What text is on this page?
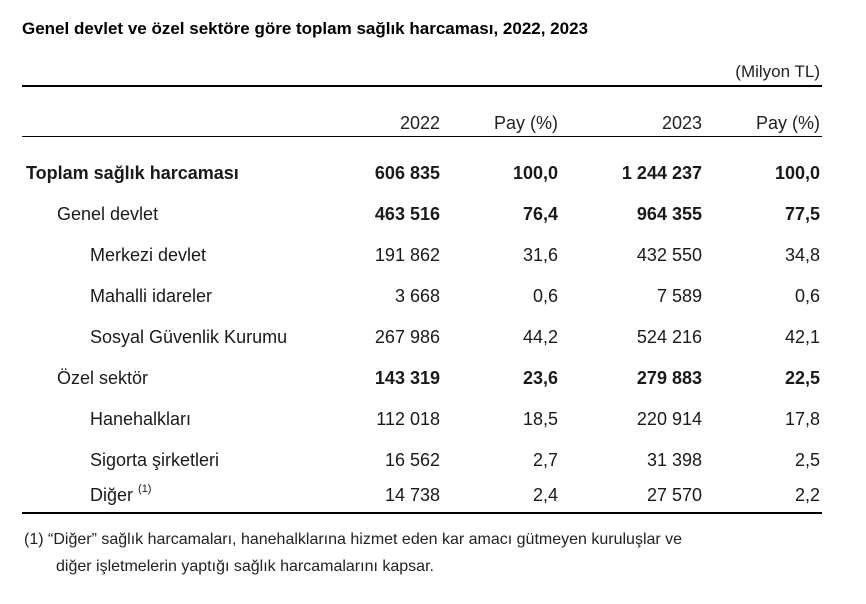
Genel devlet ve özel sektöre göre toplam sağlık harcaması, 2022, 2023
(Milyon TL)
2022	Pay (%)	2023	Pay (%)
Toplam sağlık harcaması	606 835	100,0	1 244 237	100,0
Genel devlet	463 516	76,4	964 355	77,5
Merkezi devlet	191 862	31,6	432 550	34,8
Mahalli idareler	3 668	0,6	7 589	0,6
Sosyal Güvenlik Kurumu	267 986	44,2	524 216	42,1
Özel sektör	143 319	23,6	279 883	22,5
Hanehalkları	112 018	18,5	220 914	17,8
Sigorta şirketleri	16 562	2,7	31 398	2,5
Diğer $^{(1)}$	14 738	2,4	27 570	2,2
(1) “Diğer” sağlık harcamaları, hanehalklarına hizmet eden kar amacı gütmeyen kuruluşlar ve
diğer işletmelerin yaptığı sağlık harcamalarını kapsar.
